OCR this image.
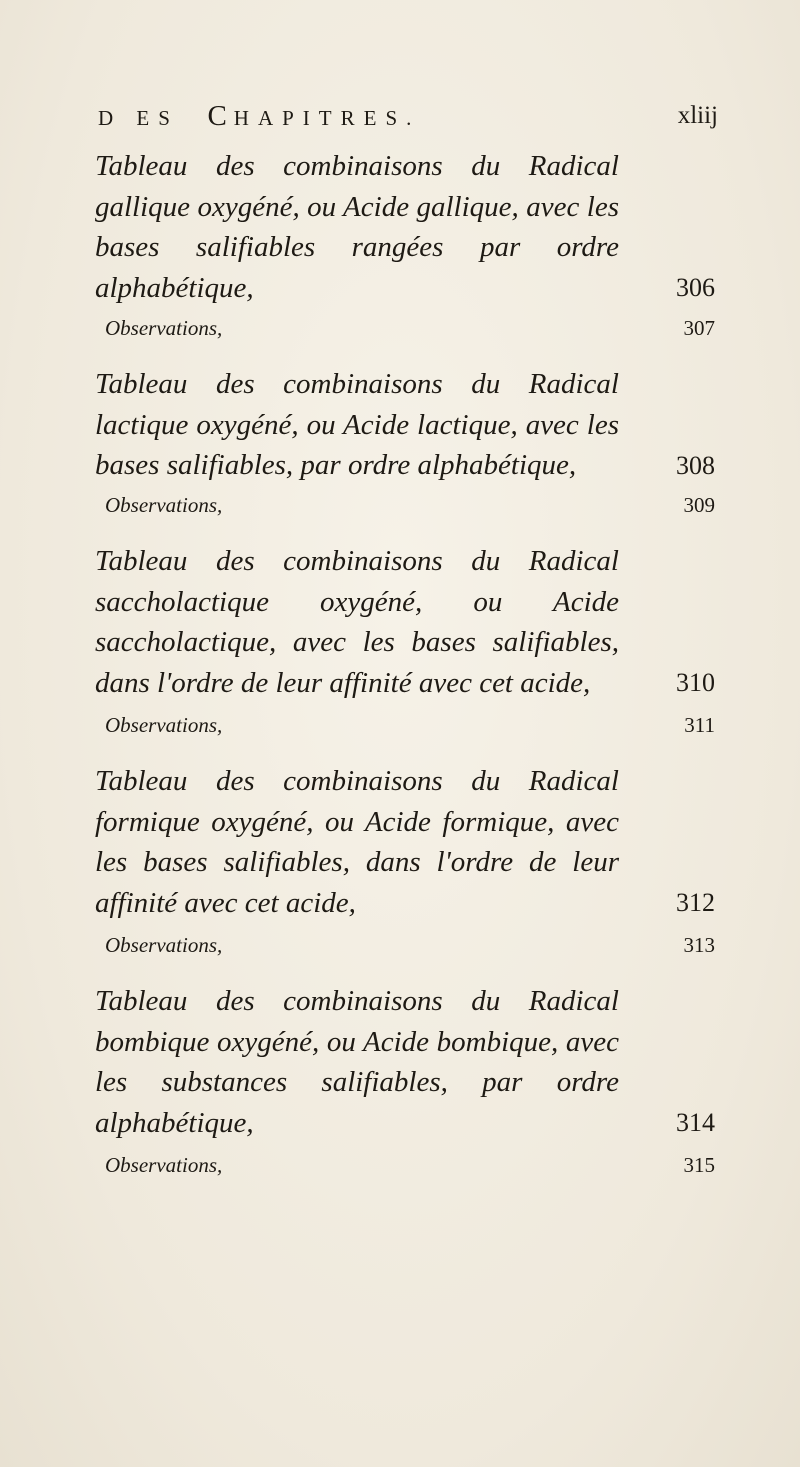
D ES CHAPITRES.	xliij
Tableau des combinaisons du Radical gallique oxygéné, ou Acide gallique, avec les bases salifiables rangées par ordre alphabétique,	306
Observations,	307
Tableau des combinaisons du Radical lactique oxygéné, ou Acide lactique, avec les bases salifiables, par ordre alphabétique,	308
Observations,	309
Tableau des combinaisons du Radical saccholactique oxygéné, ou Acide saccholactique, avec les bases salifiables, dans l'ordre de leur affinité avec cet acide,	310
Observations,	311
Tableau des combinaisons du Radical formique oxygéné, ou Acide formique, avec les bases salifiables, dans l'ordre de leur affinité avec cet acide,	312
Observations,	313
Tableau des combinaisons du Radical bombique oxygéné, ou Acide bombique, avec les substances salifiables, par ordre alphabétique,	314
Observations,	315
